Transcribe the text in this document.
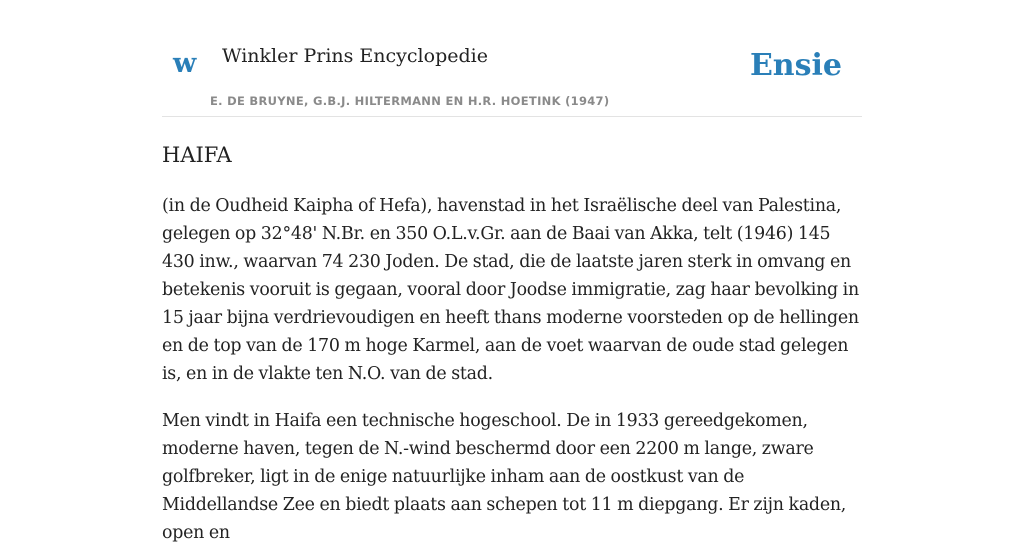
w Winkler Prins Encyclopedie
E. DE BRUYNE, G.B.J. HILTERMANN EN H.R. HOETINK (1947)
Ensie
HAIFA

(in de Oudheid Kaipha of Hefa), havenstad in het Israëlische deel van Palestina, gelegen op 32°48' N.Br. en 350 O.L.v.Gr. aan de Baai van Akka, telt (1946) 145 430 inw., waarvan 74 230 Joden. De stad, die de laatste jaren sterk in omvang en betekenis vooruit is gegaan, vooral door Joodse immigratie, zag haar bevolking in 15 jaar bijna verdrievoudigen en heeft thans moderne voorsteden op de hellingen en de top van de 170 m hoge Karmel, aan de voet waarvan de oude stad gelegen is, en in de vlakte ten N.O. van de stad.

Men vindt in Haifa een technische hogeschool. De in 1933 gereedgekomen, moderne haven, tegen de N.-wind beschermd door een 2200 m lange, zware golfbreker, ligt in de enige natuurlijke inham aan de oostkust van de Middellandse Zee en biedt plaats aan schepen tot 11 m diepgang. Er zijn kaden, open en
